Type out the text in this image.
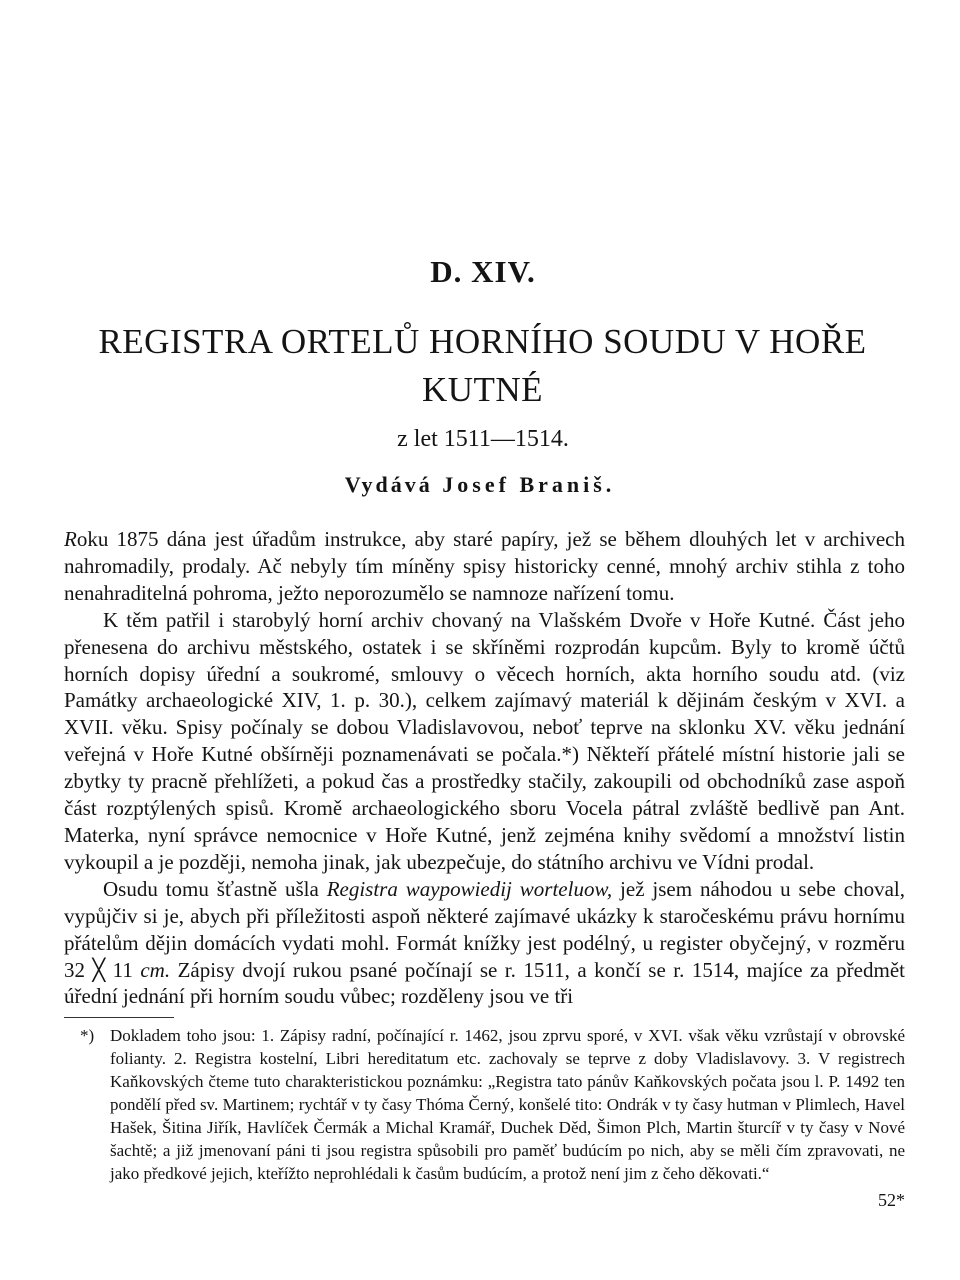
D. XIV.
REGISTRA ORTELŮ HORNÍHO SOUDU V HOŘE KUTNÉ
z let 1511—1514.
Vydává Josef Braniš.

Roku 1875 dána jest úřadům instrukce, aby staré papíry, jež se během dlouhých let v archivech nahromadily, prodaly. Ač nebyly tím míněny spisy historicky cenné, mnohý archiv stihla z toho nenahraditelná pohroma, ježto neporozumělo se namnoze nařízení tomu.

K těm patřil i starobylý horní archiv chovaný na Vlašském Dvoře v Hoře Kutné. Část jeho přenesena do archivu městského, ostatek i se skříněmi rozprodán kupcům. Byly to kromě účtů horních dopisy úřední a soukromé, smlouvy o věcech horních, akta horního soudu atd. (viz Památky archaeologické XIV, 1. p. 30.), celkem zajímavý materiál k dějinám českým v XVI. a XVII. věku. Spisy počínaly se dobou Vladislavovou, neboť teprve na sklonku XV. věku jednání veřejná v Hoře Kutné obšírněji poznamenávati se počala.*) Někteří přátelé místní historie jali se zbytky ty pracně přehlížeti, a pokud čas a prostředky stačily, zakoupili od obchodníků zase aspoň část rozptýlených spisů. Kromě archaeologického sboru Vocela pátral zvláště bedlivě pan Ant. Materka, nyní správce nemocnice v Hoře Kutné, jenž zejména knihy svědomí a množství listin vykoupil a je později, nemoha jinak, jak ubezpečuje, do státního archivu ve Vídni prodal.

Osudu tomu šťastně ušla Registra waypowiedij worteluow, jež jsem náhodou u sebe choval, vypůjčiv si je, abych při příležitosti aspoň některé zajímavé ukázky k staročeskému právu hornímu přátelům dějin domácích vydati mohl. Formát knížky jest podélný, u register obyčejný, v rozměru 32 ╳ 11 cm. Zápisy dvojí rukou psané počínají se r. 1511, a končí se r. 1514, majíce za předmět úřední jednání při horním soudu vůbec; rozděleny jsou ve tři

*) Dokladem toho jsou: 1. Zápisy radní, počínající r. 1462, jsou zprvu sporé, v XVI. však věku vzrůstají v obrovské folianty. 2. Registra kostelní, Libri hereditatum etc. zachovaly se teprve z doby Vladislavovy. 3. V registrech Kaňkovských čteme tuto charakteristickou poznámku: „Registra tato pánův Kaňkovských počata jsou l. P. 1492 ten pondělí před sv. Martinem; rychtář v ty časy Thóma Černý, konšelé tito: Ondrák v ty časy hutman v Plimlech, Havel Hašek, Šitina Jiřík, Havlíček Čermák a Michal Kramář, Duchek Děd, Šimon Plch, Martin šturcíř v ty časy v Nové šachtě; a již jmenovaní páni ti jsou registra spůsobili pro paměť budúcím po nich, aby se měli čím zpravovati, ne jako předkové jejich, kteřížto neprohlédali k časům budúcím, a protož není jim z čeho děkovati.“

52*
